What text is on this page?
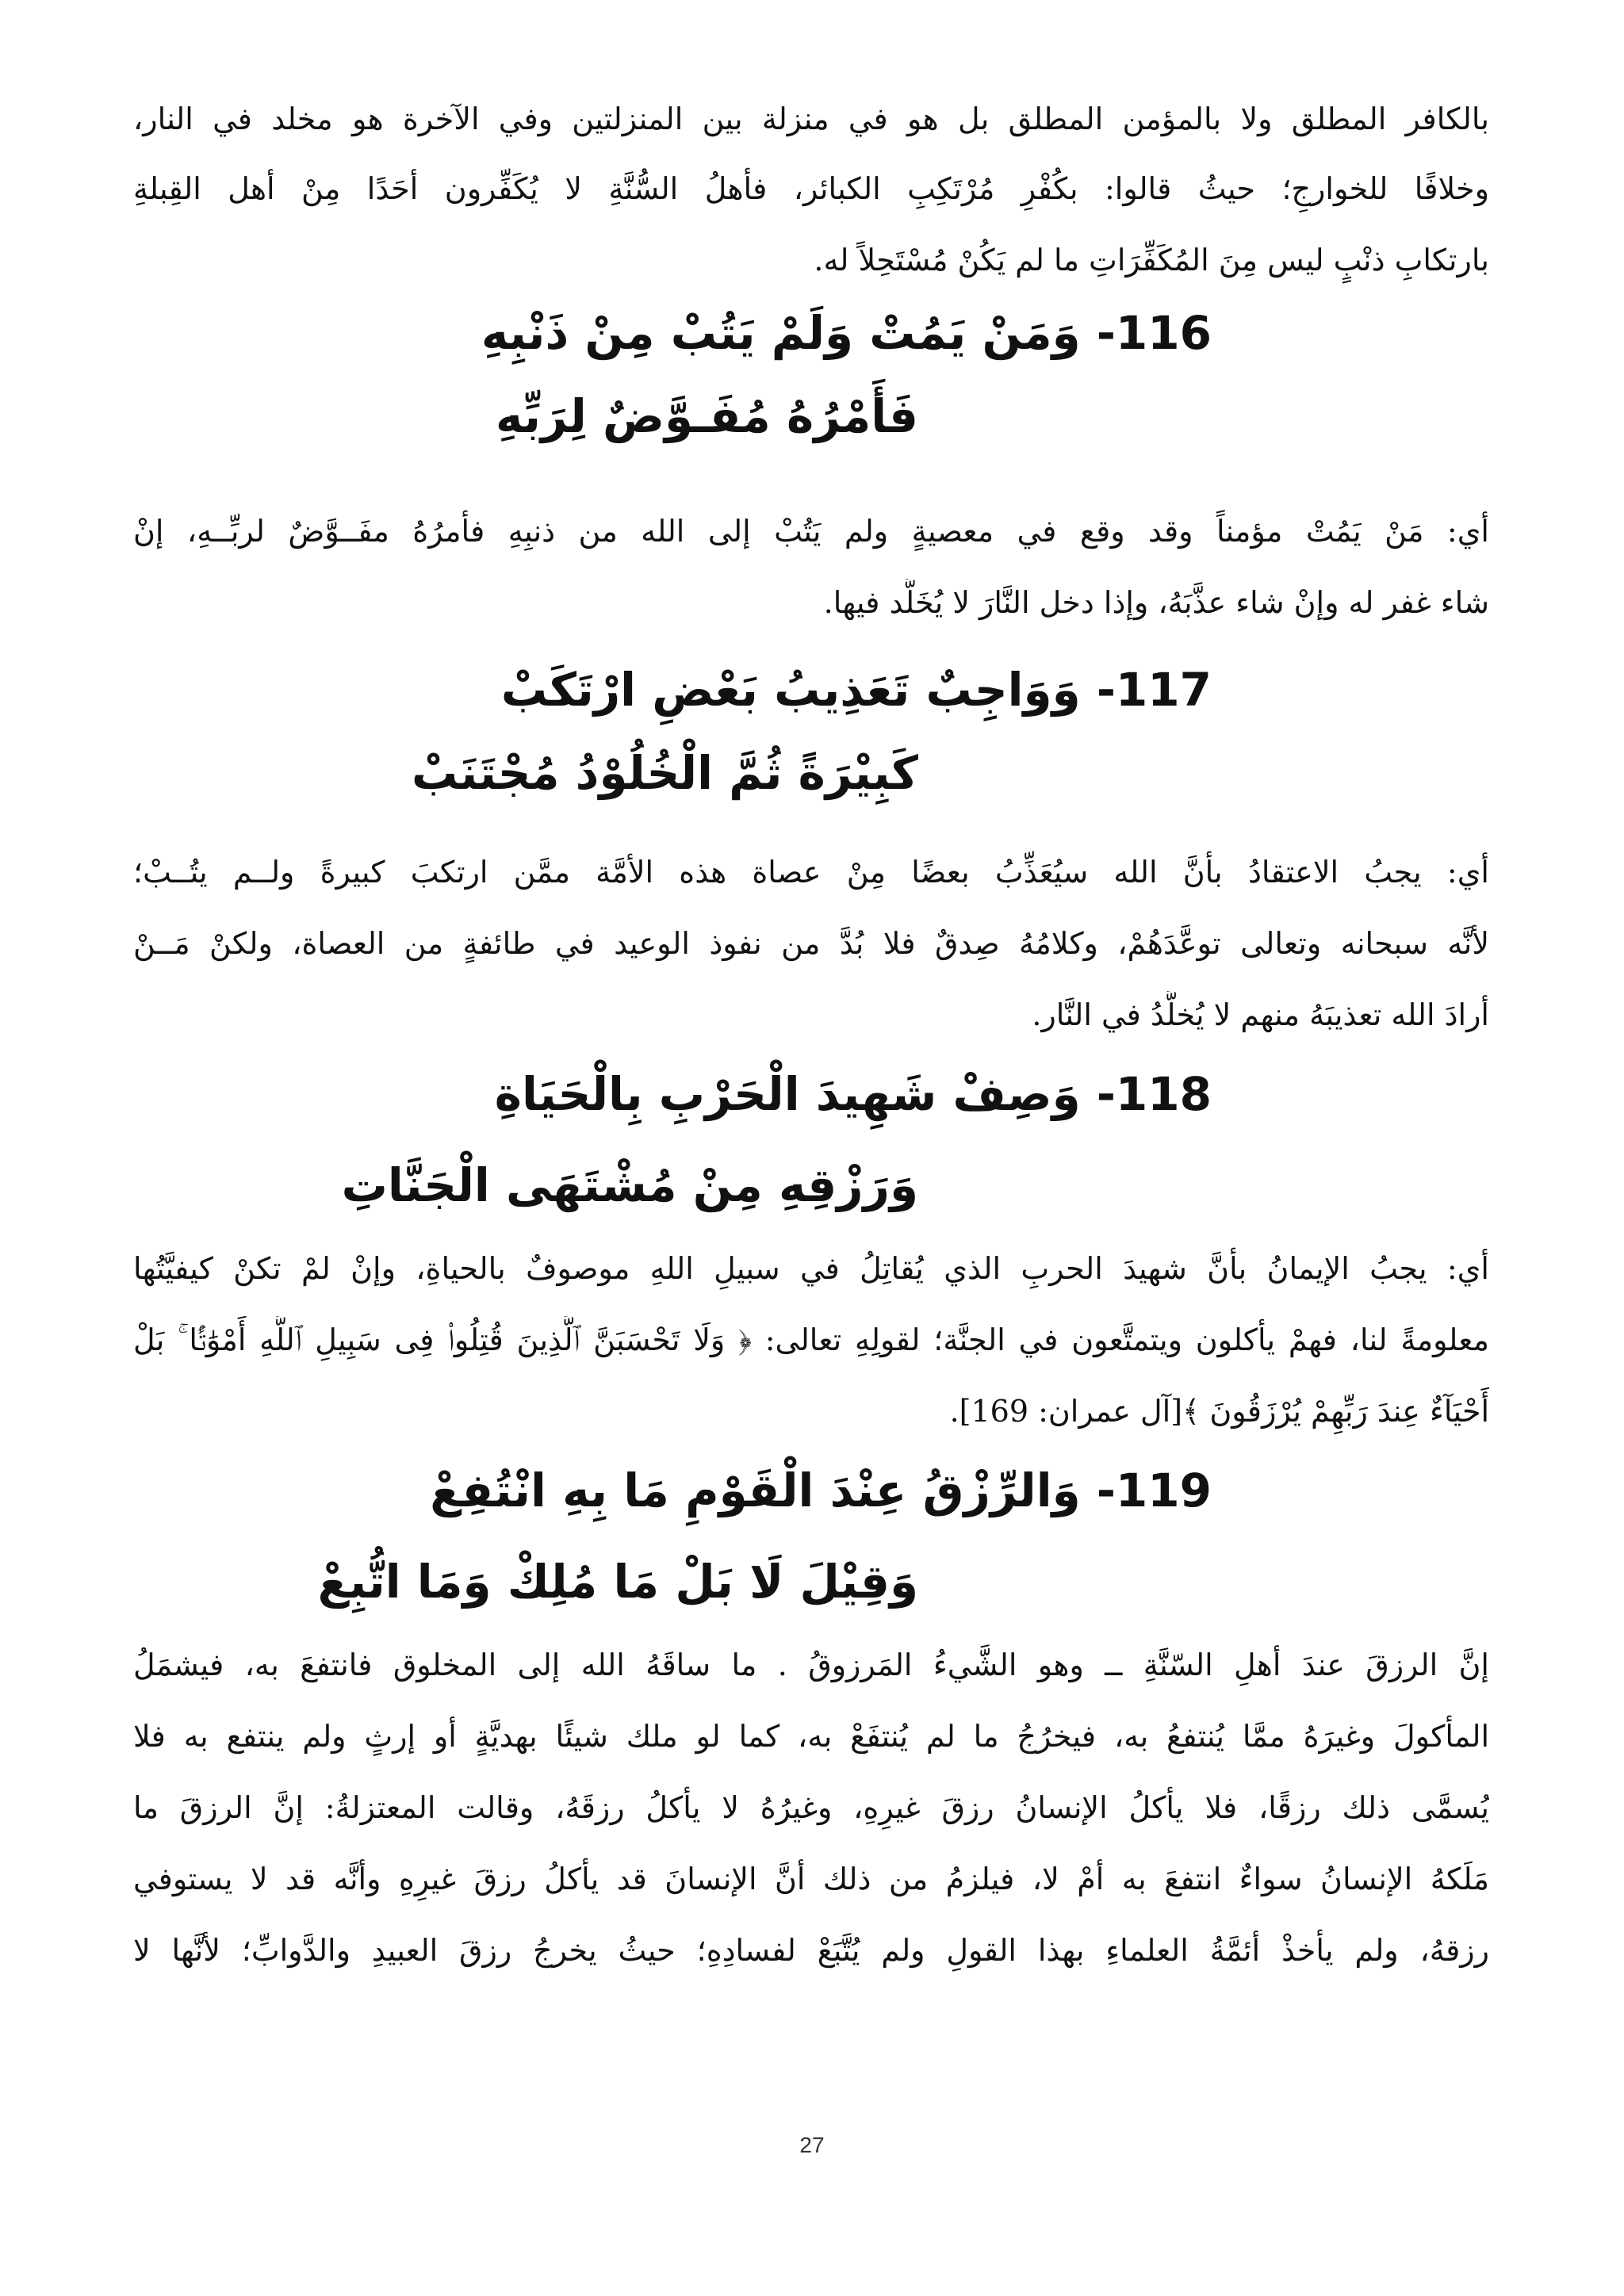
بالكافر المطلق ولا بالمؤمن المطلق بل هو في منزلة بين المنزلتين وفي الآخرة هو مخلد في النار،
وخلافًا للخوارجِ؛ حيثُ قالوا: بكُفْرِ مُرْتَكِبِ الكبائر، فأهلُ السُّنَّةِ لا يُكَفِّرون أحَدًا مِنْ أهل القِبلةِ
بارتكابِ ذنْبٍ ليس مِنَ المُكَفِّرَاتِ ما لم يَكُنْ مُسْتَحِلاً له.
116- وَمَنْ يَمُتْ وَلَمْ يَتُبْ مِنْ ذَنْبِهِ
فَأَمْرُهُ مُفَـوَّضٌ لِرَبِّهِ
أي: مَنْ يَمُتْ مؤمناً وقد وقع في معصيةٍ ولم يَتُبْ إلى الله من ذنبِهِ فأمرُهُ مفَــوَّضٌ لربِّــهِ، إنْ
شاء غفر له وإنْ شاء عذَّبَهُ، وإذا دخل النَّارَ لا يُخَلَّد فيها.
117- وَوَاجِبٌ تَعَذِيبُ بَعْضِ ارْتَكَبْ
كَبِيْرَةً ثُمَّ الْخُلُوْدُ مُجْتَنَبْ
أي: يجبُ الاعتقادُ بأنَّ الله سيُعَذِّبُ بعضًا مِنْ عصاة هذه الأمَّة ممَّن ارتكبَ كبيرةً ولــم يتُــبْ؛
لأنَّه سبحانه وتعالى توعَّدَهُمْ، وكلامُهُ صِدقٌ فلا بُدَّ من نفوذ الوعيد في طائفةٍ من العصاة، ولكنْ مَــنْ
أرادَ الله تعذيبَهُ منهم لا يُخلَّدُ في النَّار.
118- وَصِفْ شَهِيدَ الْحَرْبِ بِالْحَيَاةِ
وَرَزْقِهِ مِنْ مُشْتَهَى الْجَنَّاتِ
أي: يجبُ الإيمانُ بأنَّ شهيدَ الحربِ الذي يُقاتِلُ في سبيلِ اللهِ موصوفٌ بالحياةِ، وإنْ لمْ تكنْ كيفيَّتُها
معلومةً لنا، فهمْ يأكلون ويتمتَّعون في الجنَّة؛ لقولِهِ تعالى: ﴿ وَلَا تَحْسَبَنَّ ٱلَّذِينَ قُتِلُوا۟ فِى سَبِيلِ ٱللَّهِ أَمْوَٰتًۢا ۚ بَلْ
أَحْيَآءٌ عِندَ رَبِّهِمْ يُرْزَقُونَ ﴾[آل عمران: 169].
119- وَالرِّزْقُ عِنْدَ الْقَوْمِ مَا بِهِ انْتُفِعْ
وَقِيْلَ لَا بَلْ مَا مُلِكْ وَمَا اتُّبِعْ
إنَّ الرزقَ عندَ أهلِ السّنَّةِ ــ وهو الشَّيءُ المَرزوقُ . ما ساقَهُ الله إلى المخلوق فانتفعَ به، فيشمَلُ
المأكولَ وغيرَهُ ممَّا يُنتفعُ به، فيخرُجُ ما لم يُنتفَعْ به، كما لو ملك شيئًا بهديَّةٍ أو إرثٍ ولم ينتفع به فلا
يُسمَّى ذلك رزقًا، فلا يأكلُ الإنسانُ رزقَ غيرِهِ، وغيرُهُ لا يأكلُ رزقَهُ، وقالت المعتزلةُ: إنَّ الرزقَ ما
مَلَكهُ الإنسانُ سواءٌ انتفعَ به أمْ لا، فيلزمُ من ذلك أنَّ الإنسانَ قد يأكلُ رزقَ غيرِهِ وأنَّه قد لا يستوفي
رزقهُ، ولم يأخذْ أئمَّةُ العلماءِ بهذا القولِ ولم يُتَّبَعْ لفسادِهِ؛ حيثُ يخرجُ رزقَ العبيدِ والدَّوابِّ؛ لأنَّها لا
27
